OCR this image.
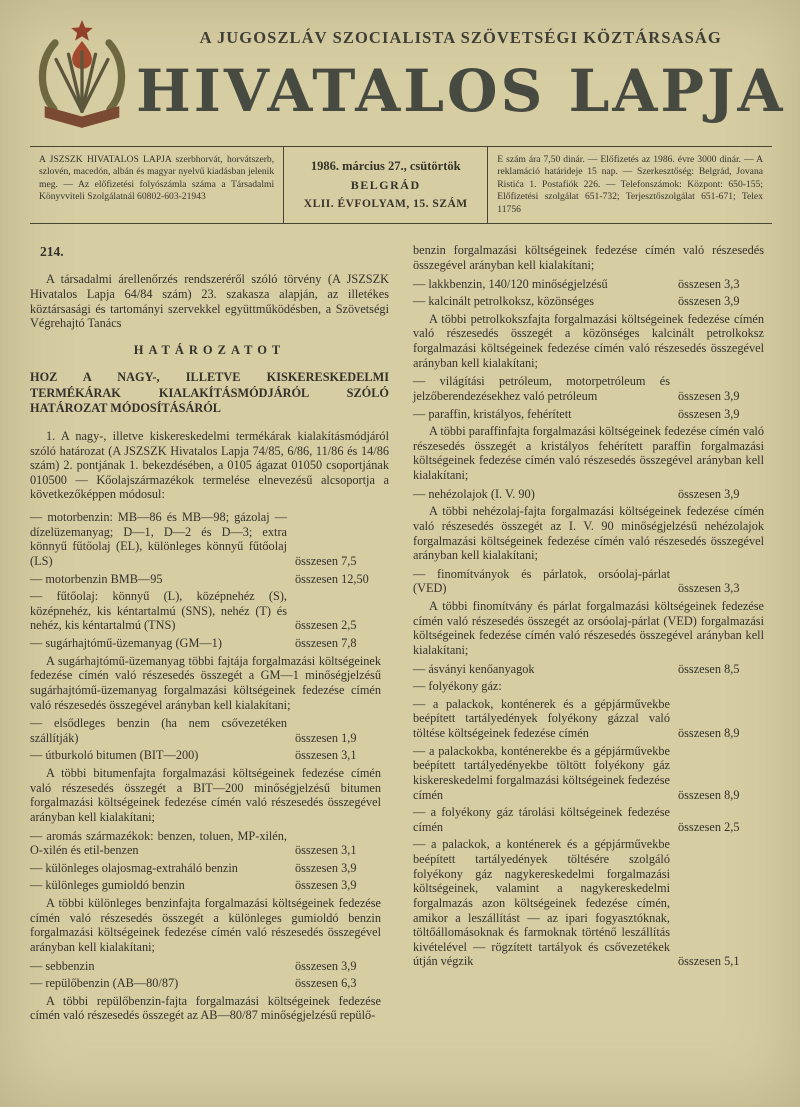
A JUGOSZLÁV SZOCIALISTA SZÖVETSÉGI KÖZTÁRSASÁG
HIVATALOS LAPJA
A JSZSZK HIVATALOS LAPJA szerbhorvát, horvátszerb, szlovén, macedón, albán és magyar nyelvű kiadásban jelenik meg. — Az előfizetési folyószámla száma a Társadalmi Könyvviteli Szolgálatnál 60802-603-21943
1986. március 27., csütörtök
BELGRÁD
XLII. ÉVFOLYAM, 15. SZÁM
E szám ára 7,50 dinár. — Előfizetés az 1986. évre 3000 dinár. — A reklamáció határideje 15 nap. — Szerkesztőség: Belgrád, Jovana Ristića 1. Postafiók 226. — Telefonszámok: Központ: 650-155; Előfizetési szolgálat 651-732; Terjesztőszolgálat 651-671; Telex 11756
214.

A társadalmi árellenőrzés rendszeréről szóló törvény (A JSZSZK Hivatalos Lapja 64/84 szám) 23. szakasza alapján, az illetékes köztársasági és tartományi szervekkel együttműködésben, a Szövetségi Végrehajtó Tanács

HATÁROZATOT
HOZ A NAGY-, ILLETVE KISKERESKEDELMI TERMÉKÁRAK KIALAKÍTÁSMÓDJÁRÓL SZÓLÓ HATÁROZAT MÓDOSÍTÁSÁRÓL

1. A nagy-, illetve kiskereskedelmi termékárak kialakításmódjáról szóló határozat (A JSZSZK Hivatalos Lapja 74/85, 6/86, 11/86 és 14/86 szám) 2. pontjának 1. bekezdésében, a 0105 ágazat 01050 csoportjának 010500 — Kőolajszármazékok termelése elnevezésű alcsoportja a következőképpen módosul:

— motorbenzin: MB—86 és MB—98; gázolaj — dízelüzemanyag; D—1, D—2 és D—3; extra könnyű fűtőolaj (EL), különleges könnyű fűtőolaj (LS)	összesen 7,5
— motorbenzin BMB—95	összesen 12,50
— fűtőolaj: könnyű (L), középnehéz (S), középnehéz, kis kéntartalmú (SNS), nehéz (T) és nehéz, kis kéntartalmú (TNS)	összesen 2,5
— sugárhajtómű-üzemanyag (GM—1)	összesen 7,8
A sugárhajtómű-üzemanyag többi fajtája forgalmazási költségeinek fedezése címén való részesedés összegét a GM—1 minőségjelzésű sugárhajtómű-üzemanyag forgalmazási költségeinek fedezése címén való részesedés összegével arányban kell kialakítani;
— elsődleges benzin (ha nem csővezetéken szállítják)	összesen 1,9
— útburkoló bitumen (BIT—200)	összesen 3,1
A többi bitumenfajta forgalmazási költségeinek fedezése címén való részesedés összegét a BIT—200 minőségjelzésű bitumen forgalmazási költségeinek fedezése címén való részesedés összegével arányban kell kialakítani;
— aromás származékok: benzen, toluen, MP-xilén, O-xilén és etil-benzen	összesen 3,1
— különleges olajosmag-extraháló benzin	összesen 3,9
— különleges gumioldó benzin	összesen 3,9
A többi különleges benzinfajta forgalmazási költségeinek fedezése címén való részesedés összegét a különleges gumioldó benzin forgalmazási költségeinek fedezése címén való részesedés összegével arányban kell kialakítani;
— sebbenzin	összesen 3,9
— repülőbenzin (AB—80/87)	összesen 6,3
A többi repülőbenzin-fajta forgalmazási költségeinek fedezése címén való részesedés összegét az AB—80/87 minőségjelzésű repülő-
benzin forgalmazási költségeinek fedezése címén való részesedés összegével arányban kell kialakítani;
— lakkbenzin, 140/120 minőségjelzésű	összesen 3,3
— kalcinált petrolkoksz, közönséges	összesen 3,9
A többi petrolkokszfajta forgalmazási költségeinek fedezése címén való részesedés összegét a közönséges kalcinált petrolkoksz forgalmazási költségeinek fedezése címén való részesedés összegével arányban kell kialakítani;
— világítási petróleum, motorpetróleum és jelzőberendezésekhez való petróleum	összesen 3,9
— paraffin, kristályos, fehérített	összesen 3,9
A többi paraffinfajta forgalmazási költségeinek fedezése címén való részesedés összegét a kristályos fehérített paraffin forgalmazási költségeinek fedezése címén való részesedés összegével arányban kell kialakítani;
— nehézolajok (I. V. 90)	összesen 3,9
A többi nehézolaj-fajta forgalmazási költségeinek fedezése címén való részesedés összegét az I. V. 90 minőségjelzésű nehézolajok forgalmazási költségeinek fedezése címén való részesedés összegével arányban kell kialakítani;
— finomítványok és párlatok, orsóolaj-párlat (VED)	összesen 3,3
A többi finomítvány és párlat forgalmazási költségeinek fedezése címén való részesedés összegét az orsóolaj-párlat (VED) forgalmazási költségeinek fedezése címén való részesedés összegével arányban kell kialakítani;
— ásványi kenőanyagok	összesen 8,5
— folyékony gáz:
— a palackok, konténerek és a gépjárművekbe beépített tartályedények folyékony gázzal való töltése költségeinek fedezése címén	összesen 8,9
— a palackokba, konténerekbe és a gépjárművekbe beépített tartályedényekbe töltött folyékony gáz kiskereskedelmi forgalmazási költségeinek fedezése címén	összesen 8,9
— a folyékony gáz tárolási költségeinek fedezése címén	összesen 2,5
— a palackok, a konténerek és a gépjárművekbe beépített tartályedények töltésére szolgáló folyékony gáz nagykereskedelmi forgalmazási költségeinek, valamint a nagykereskedelmi forgalmazás azon költségeinek fedezése címén, amikor a leszállítást — az ipari fogyasztóknak, töltőállomásoknak és farmoknak történő leszállítás kivételével — rögzített tartályok és csővezetékek útján végzik	összesen 5,1
